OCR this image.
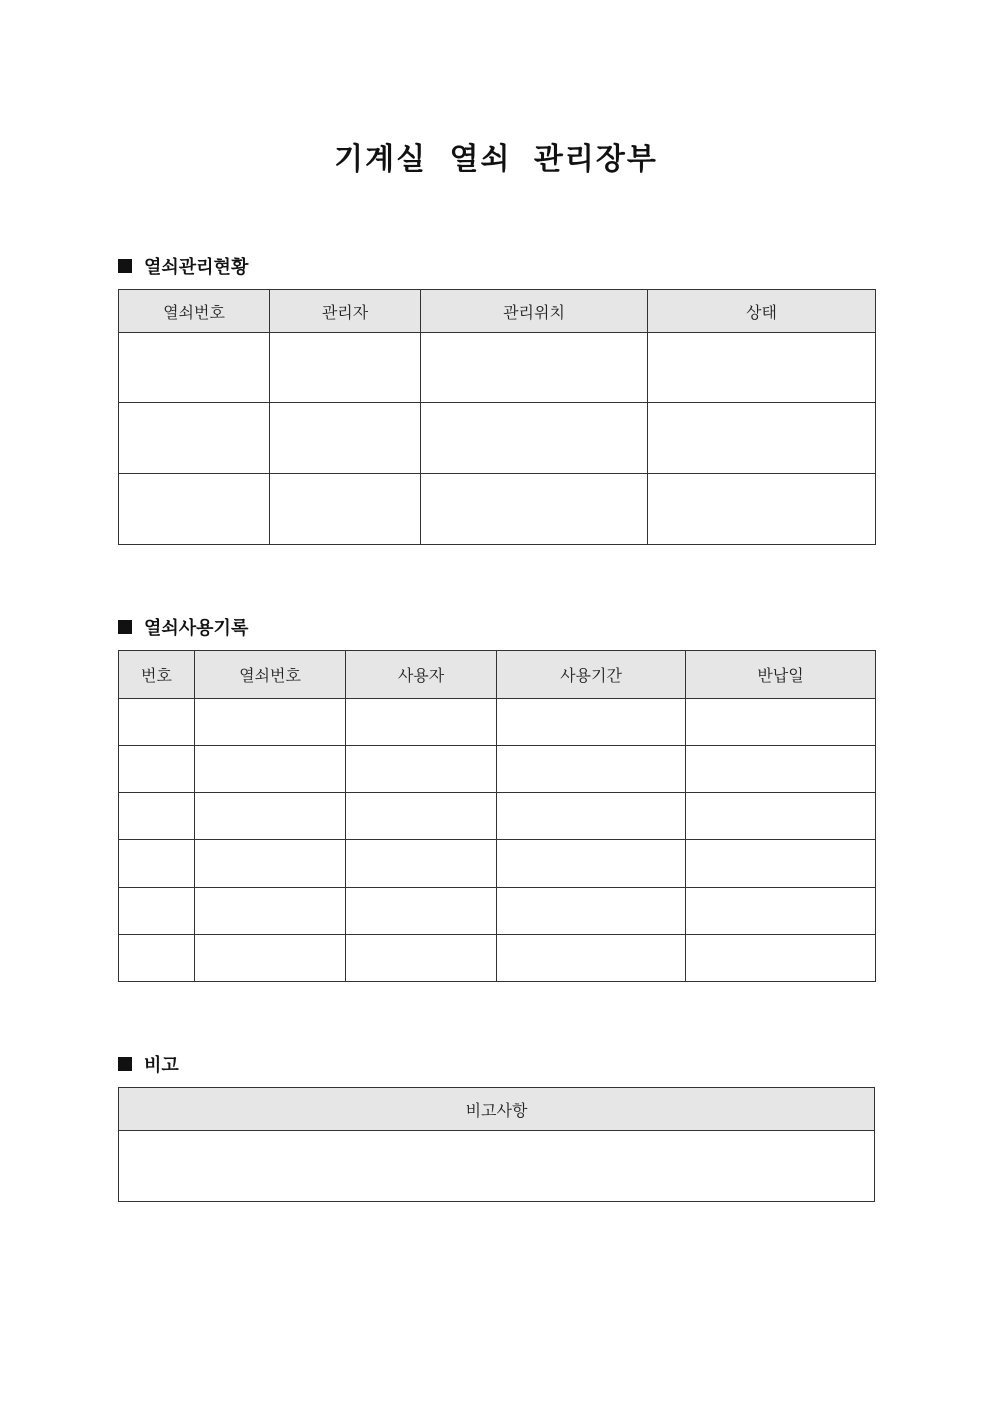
기계실 열쇠 관리장부
열쇠관리현황
열쇠번호	관리자	관리위치	상태

열쇠사용기록
번호	열쇠번호	사용자	사용기간	반납일

비고
비고사항
